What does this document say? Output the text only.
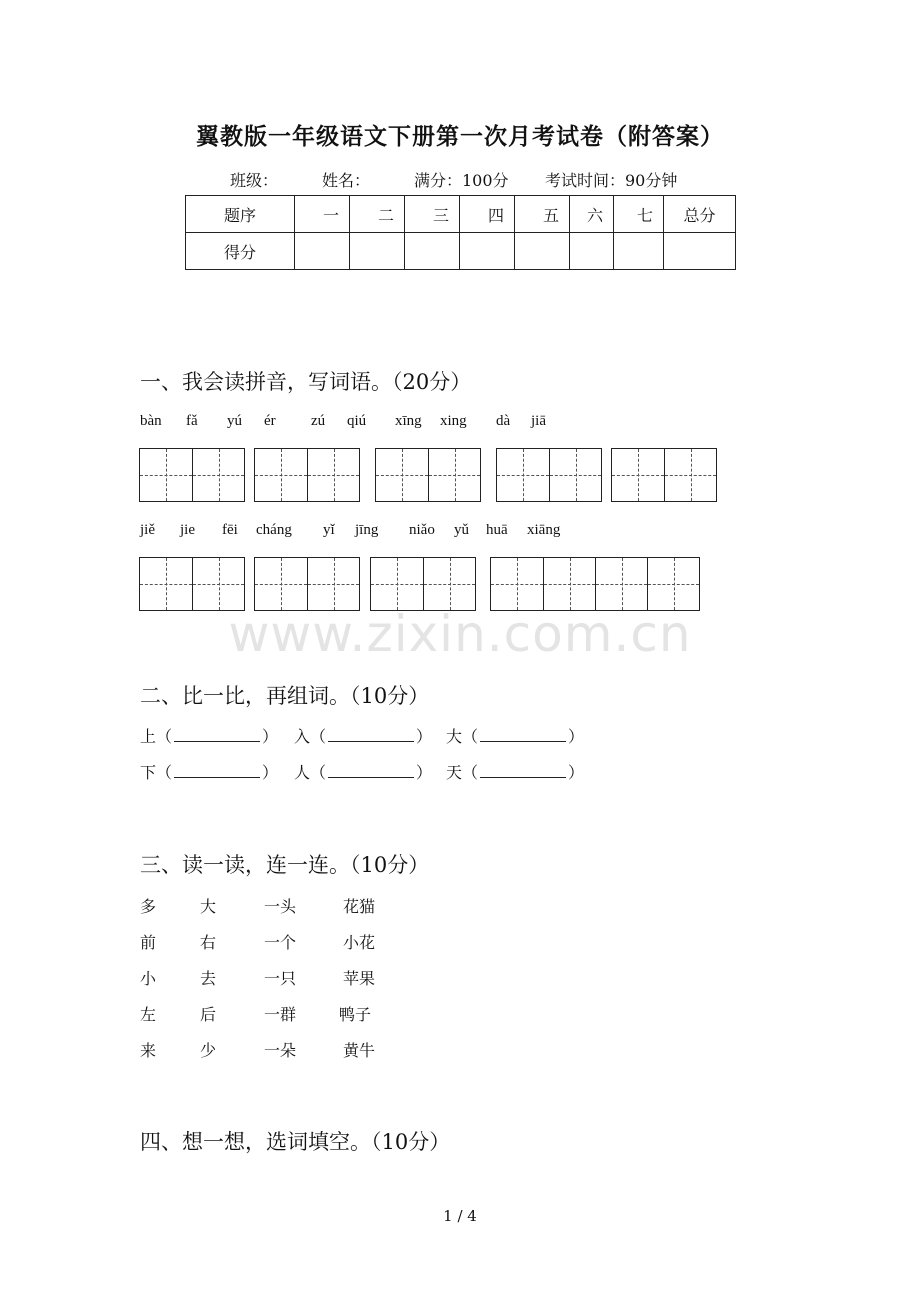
翼教版一年级语文下册第一次月考试卷（附答案）
班级：	姓名：	满分：100分 考试时间：90分钟
题序	一	二	三	四	五	六	七	总分
得分								
一、我会读拼音，写词语。（20分）
bàn fǎ yú ér zú qiú xīng xing dà jiā
jiě jie fēi cháng yǐ jīng niǎo yǔ huā xiāng
www.zixin.com.cn
二、比一比，再组词。（10分）
上（	） 入（	） 大（	）
下（	） 人（	） 天（	）
三、读一读，连一连。（10分）
多	大	一头	花猫
前	右	一个	小花
小	去	一只	苹果
左	后	一群	鸭子
来	少	一朵	黄牛
四、想一想，选词填空。（10分）
1 / 4
